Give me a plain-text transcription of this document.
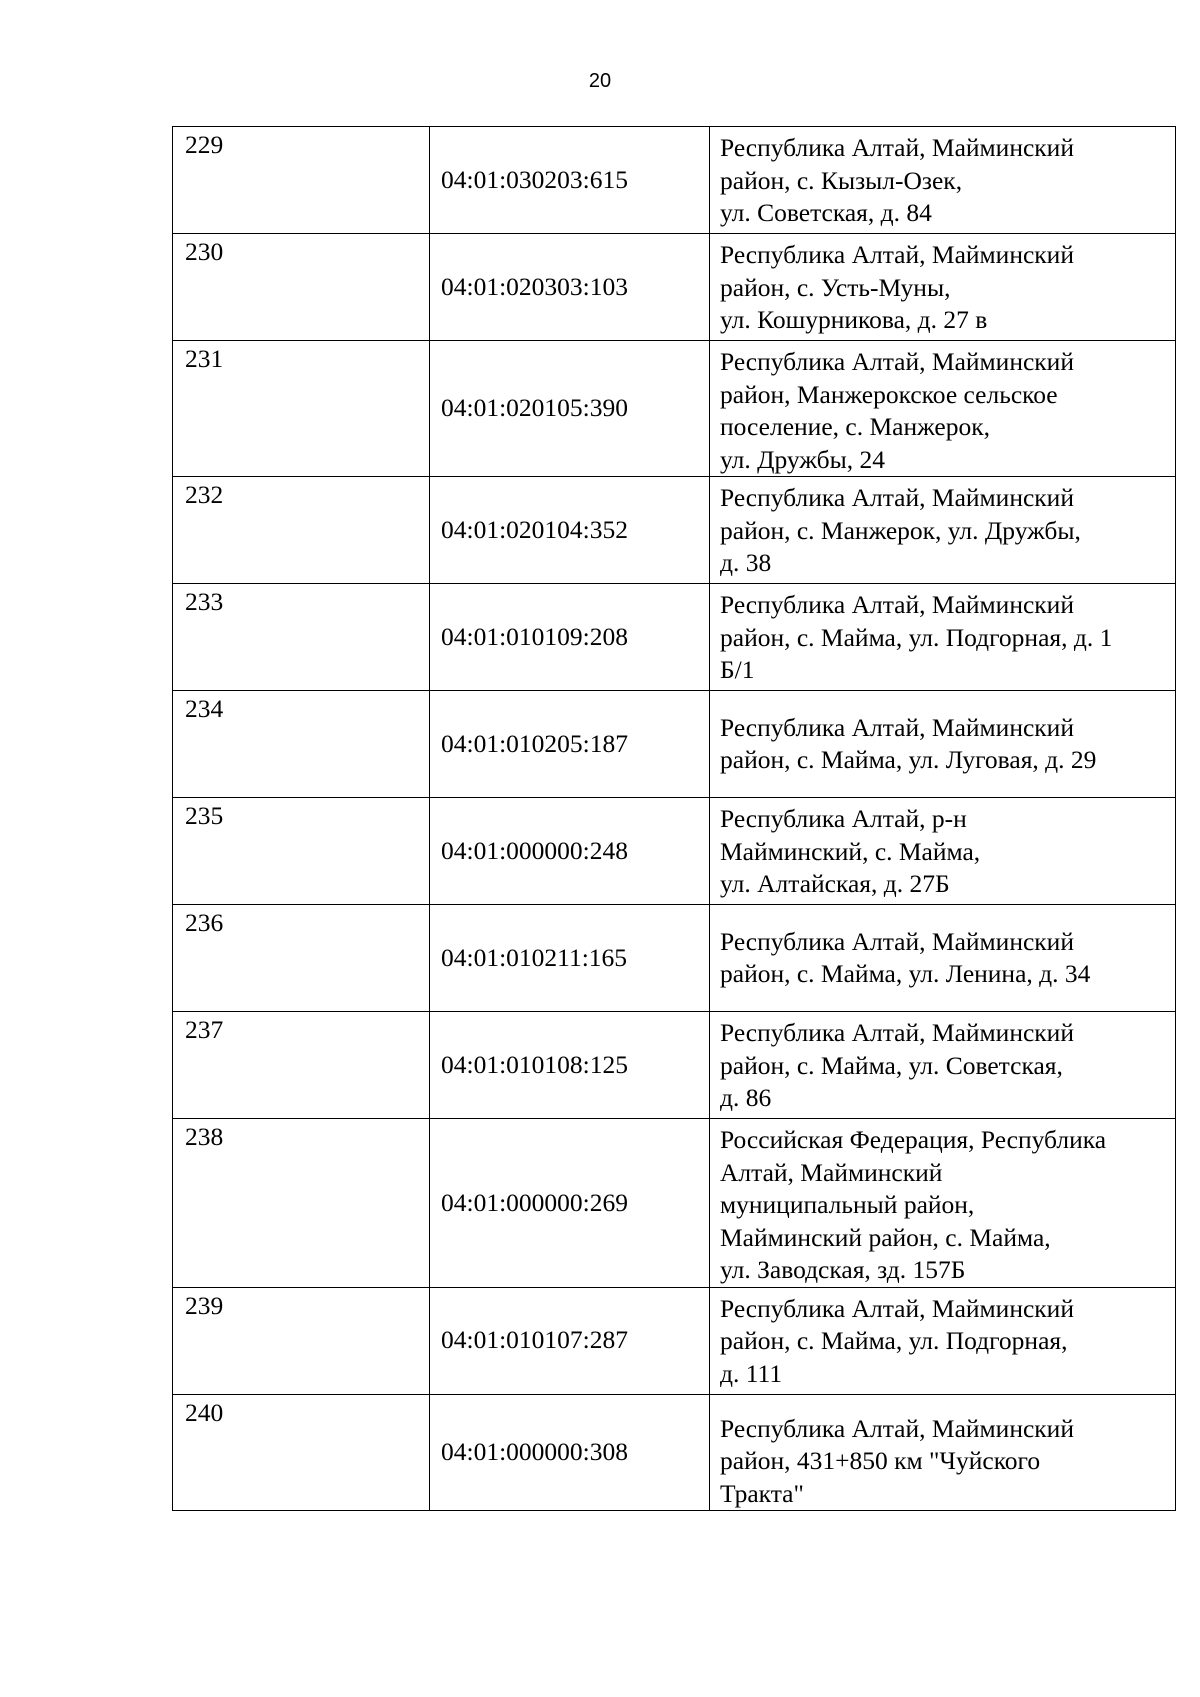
20
229	04:01:030203:615	Республика Алтай, Майминский
район, с. Кызыл-Озек,
ул. Советская, д. 84

230	04:01:020303:103	Республика Алтай, Майминский
район, с. Усть-Муны,
ул. Кошурникова, д. 27 в

231	04:01:020105:390	Республика Алтай, Майминский
район, Манжерокское сельское
поселение, с. Манжерок,
ул. Дружбы, 24

232	04:01:020104:352	Республика Алтай, Майминский
район, с. Манжерок, ул. Дружбы,
д. 38

233	04:01:010109:208	Республика Алтай, Майминский
район, с. Майма, ул. Подгорная, д. 1
Б/1

234	04:01:010205:187	Республика Алтай, Майминский
район, с. Майма, ул. Луговая, д. 29

235	04:01:000000:248	Республика Алтай, р-н
Майминский, с. Майма,
ул. Алтайская, д. 27Б

236	04:01:010211:165	Республика Алтай, Майминский
район, с. Майма, ул. Ленина, д. 34

237	04:01:010108:125	Республика Алтай, Майминский
район, с. Майма, ул. Советская,
д. 86

238	04:01:000000:269	Российская Федерация, Республика
Алтай, Майминский
муниципальный район,
Майминский район, с. Майма,
ул. Заводская, зд. 157Б

239	04:01:010107:287	Республика Алтай, Майминский
район, с. Майма, ул. Подгорная,
д. 111

240	04:01:000000:308	Республика Алтай, Майминский
район, 431+850 км "Чуйского
Тракта"
